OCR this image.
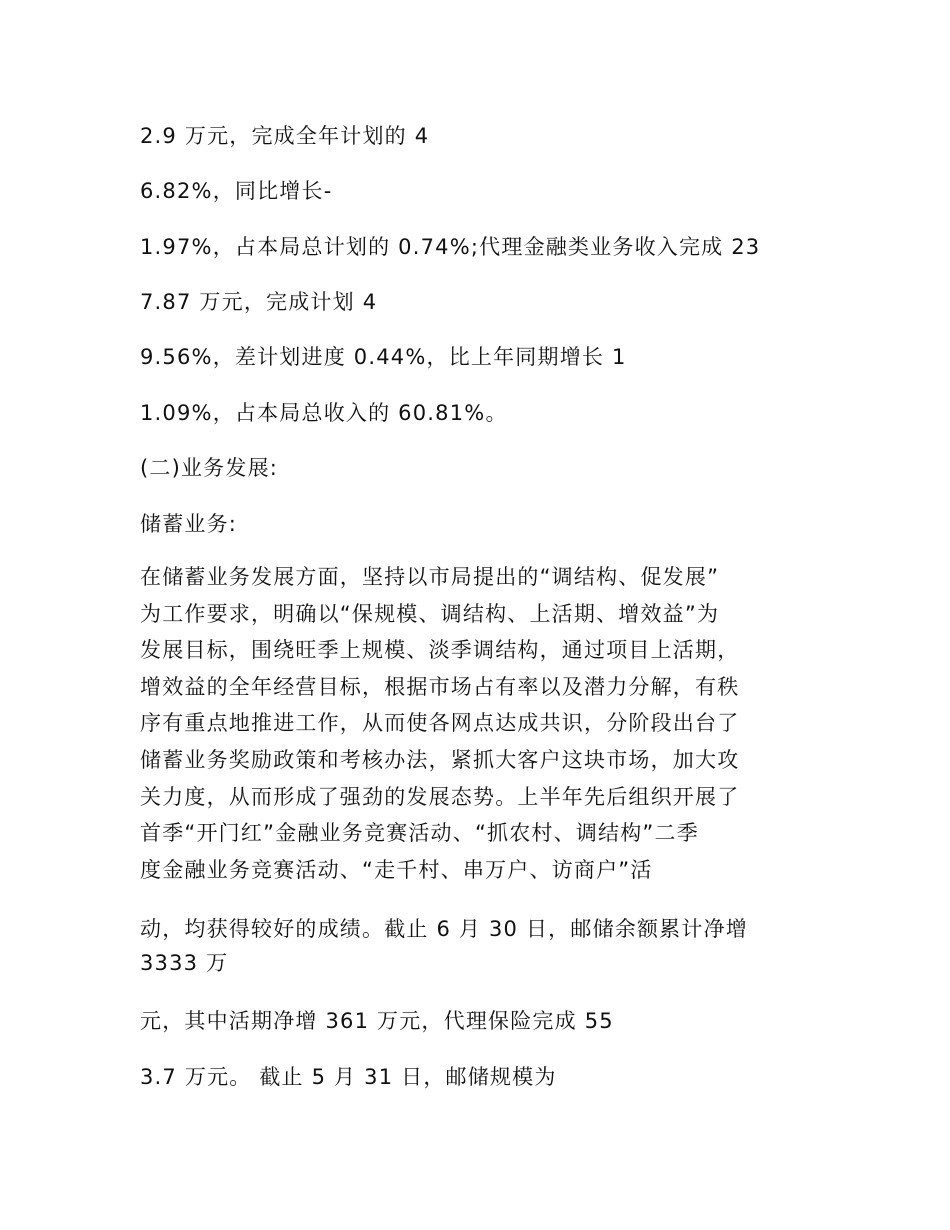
2.9 万元，完成全年计划的 4
6.82%，同比增长-
1.97%，占本局总计划的 0.74%;代理金融类业务收入完成 23
7.87 万元，完成计划 4
9.56%，差计划进度 0.44%，比上年同期增长 1
1.09%，占本局总收入的 60.81%。
(二)业务发展:
储蓄业务:
在储蓄业务发展方面，坚持以市局提出的“调结构、促发展”
为工作要求，明确以“保规模、调结构、上活期、增效益”为
发展目标，围绕旺季上规模、淡季调结构，通过项目上活期，
增效益的全年经营目标，根据市场占有率以及潜力分解，有秩
序有重点地推进工作，从而使各网点达成共识，分阶段出台了
储蓄业务奖励政策和考核办法，紧抓大客户这块市场，加大攻
关力度，从而形成了强劲的发展态势。上半年先后组织开展了
首季“开门红”金融业务竞赛活动、“抓农村、调结构”二季
度金融业务竞赛活动、“走千村、串万户、访商户”活
动，均获得较好的成绩。截止 6 月 30 日，邮储余额累计净增
3333 万
元，其中活期净增 361 万元，代理保险完成 55
3.7 万元。 截止 5 月 31 日，邮储规模为
